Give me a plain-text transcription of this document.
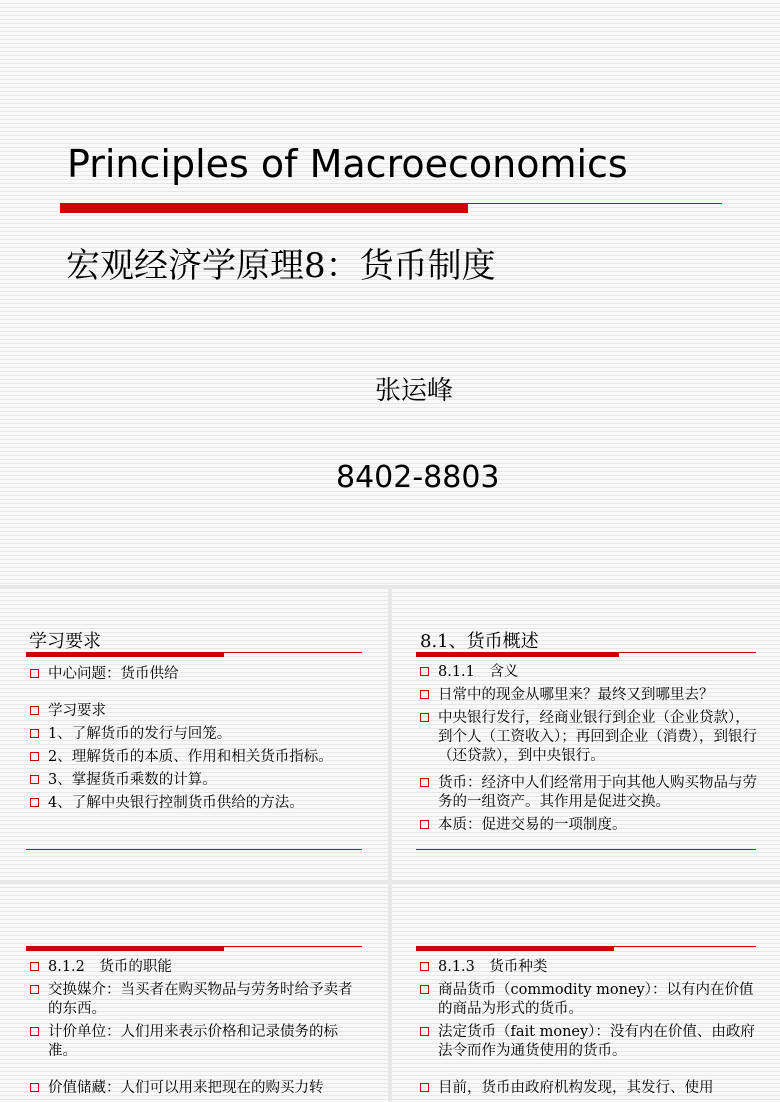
Principles of Macroeconomics
宏观经济学原理8：货币制度
张运峰
8402-8803
学习要求
中心问题：货币供给
学习要求
1、了解货币的发行与回笼。
2、理解货币的本质、作用和相关货币指标。
3、掌握货币乘数的计算。
4、了解中央银行控制货币供给的方法。
8.1、货币概述
8.1.1　含义
日常中的现金从哪里来？最终又到哪里去？
中央银行发行，经商业银行到企业（企业贷款），到个人（工资收入）；再回到企业（消费），到银行（还贷款），到中央银行。
货币：经济中人们经常用于向其他人购买物品与劳务的一组资产。其作用是促进交换。
本质：促进交易的一项制度。
8.1.2　货币的职能
交换媒介：当买者在购买物品与劳务时给予卖者的东西。
计价单位：人们用来表示价格和记录债务的标准。
价值储藏：人们可以用来把现在的购买力转
8.1.3　货币种类
商品货币（commodity money）：以有内在价值的商品为形式的货币。
法定货币（fait money）：没有内在价值、由政府法令而作为通货使用的货币。
目前，货币由政府机构发现，其发行、使用
